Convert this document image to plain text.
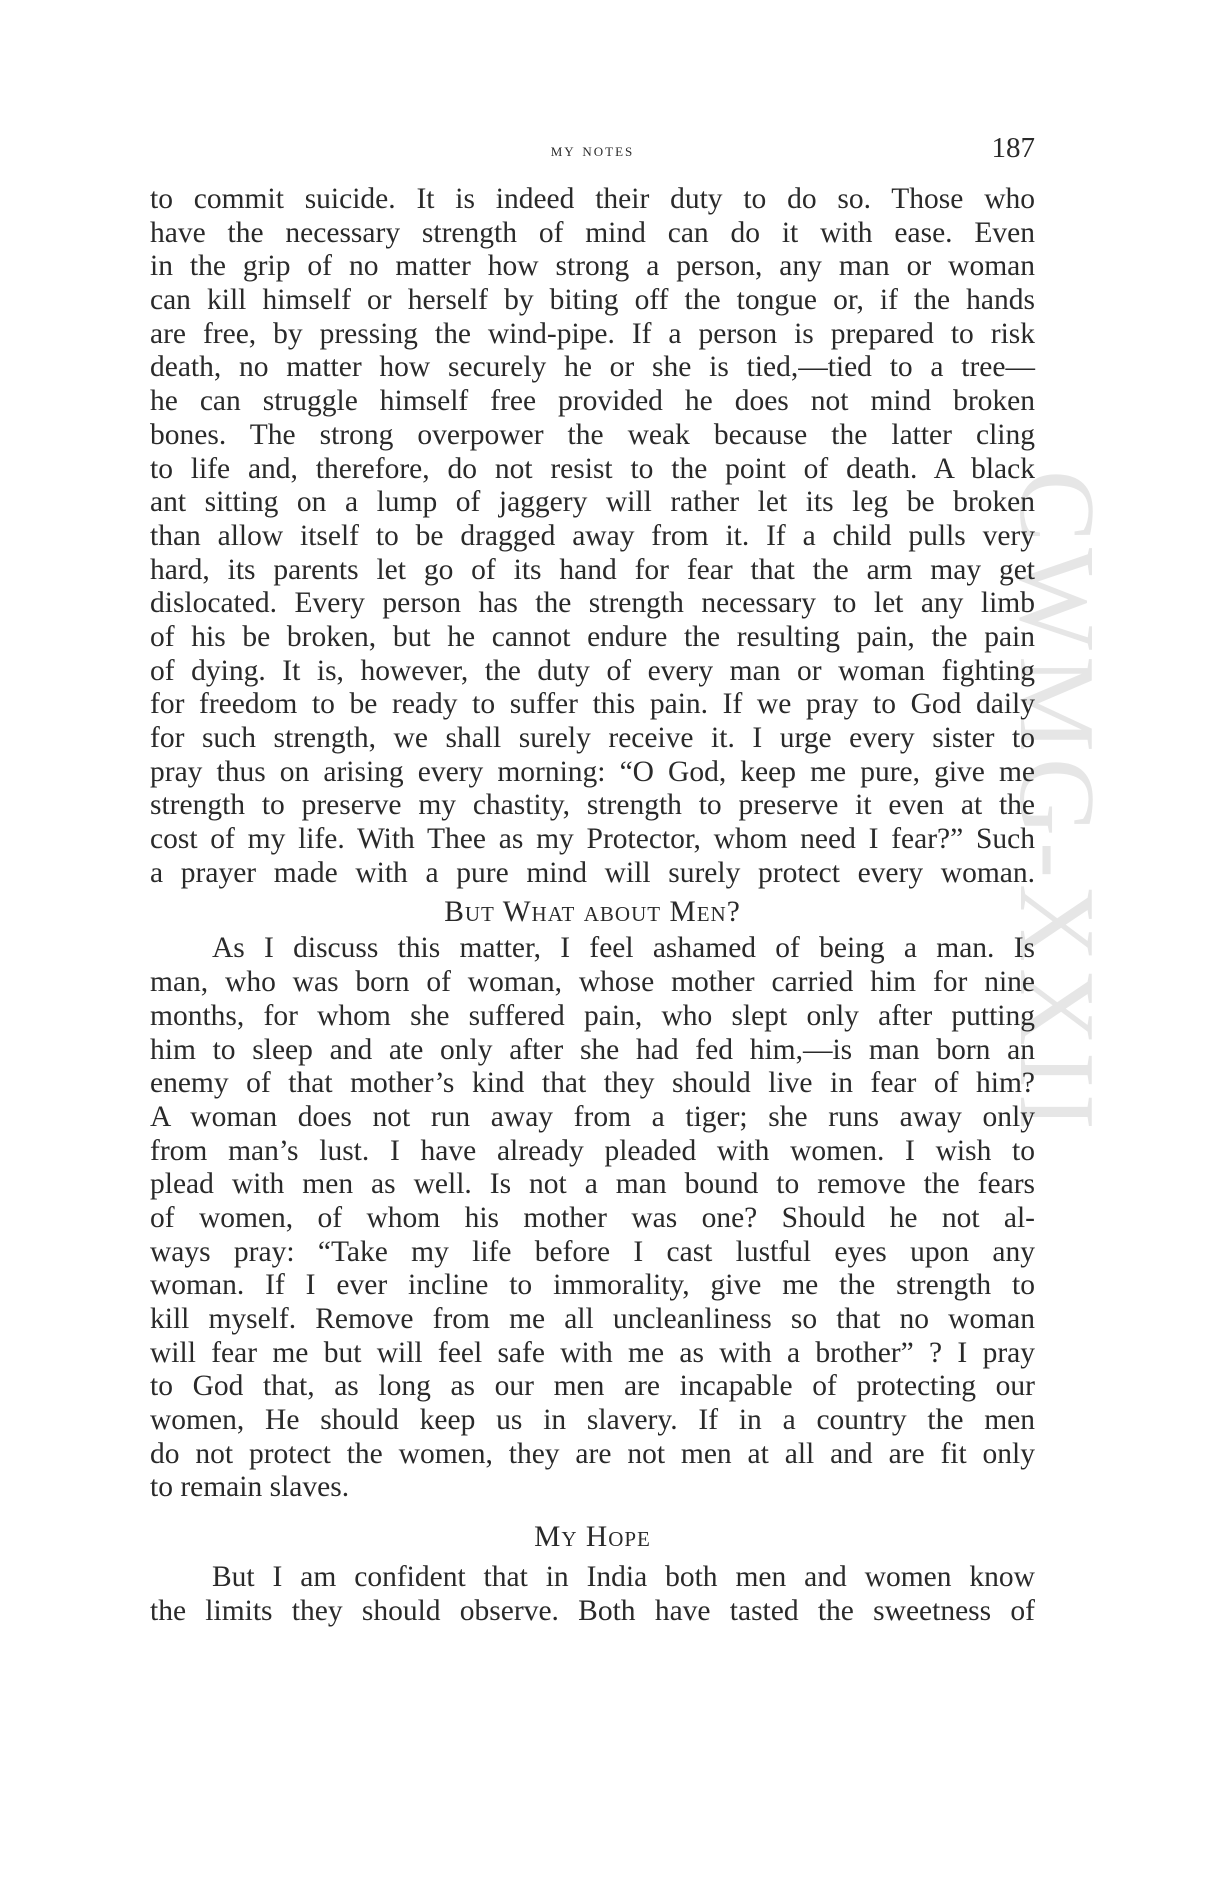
CWMG-XXII
my notes	187
to commit suicide. It is indeed their duty to do so. Those who
have the necessary strength of mind can do it with ease. Even
in the grip of no matter how strong a person, any man or woman
can kill himself or herself by biting off the tongue or, if the hands
are free, by pressing the wind-pipe. If a person is prepared to risk
death, no matter how securely he or she is tied,—tied to a tree—
he can struggle himself free provided he does not mind broken
bones. The strong overpower the weak because the latter cling
to life and, therefore, do not resist to the point of death. A black
ant sitting on a lump of jaggery will rather let its leg be broken
than allow itself to be dragged away from it. If a child pulls very
hard, its parents let go of its hand for fear that the arm may get
dislocated. Every person has the strength necessary to let any limb
of his be broken, but he cannot endure the resulting pain, the pain
of dying. It is, however, the duty of every man or woman fighting
for freedom to be ready to suffer this pain. If we pray to God daily
for such strength, we shall surely receive it. I urge every sister to
pray thus on arising every morning: “O God, keep me pure, give me
strength to preserve my chastity, strength to preserve it even at the
cost of my life. With Thee as my Protector, whom need I fear?” Such
a prayer made with a pure mind will surely protect every woman.
But What about Men?
As I discuss this matter, I feel ashamed of being a man. Is
man, who was born of woman, whose mother carried him for nine
months, for whom she suffered pain, who slept only after putting
him to sleep and ate only after she had fed him,—is man born an
enemy of that mother’s kind that they should live in fear of him?
A woman does not run away from a tiger; she runs away only
from man’s lust. I have already pleaded with women. I wish to
plead with men as well. Is not a man bound to remove the fears
of women, of whom his mother was one? Should he not al-
ways pray: “Take my life before I cast lustful eyes upon any
woman. If I ever incline to immorality, give me the strength to
kill myself. Remove from me all uncleanliness so that no woman
will fear me but will feel safe with me as with a brother” ? I pray
to God that, as long as our men are incapable of protecting our
women, He should keep us in slavery. If in a country the men
do not protect the women, they are not men at all and are fit only
to remain slaves.
My Hope
But I am confident that in India both men and women know
the limits they should observe. Both have tasted the sweetness of
